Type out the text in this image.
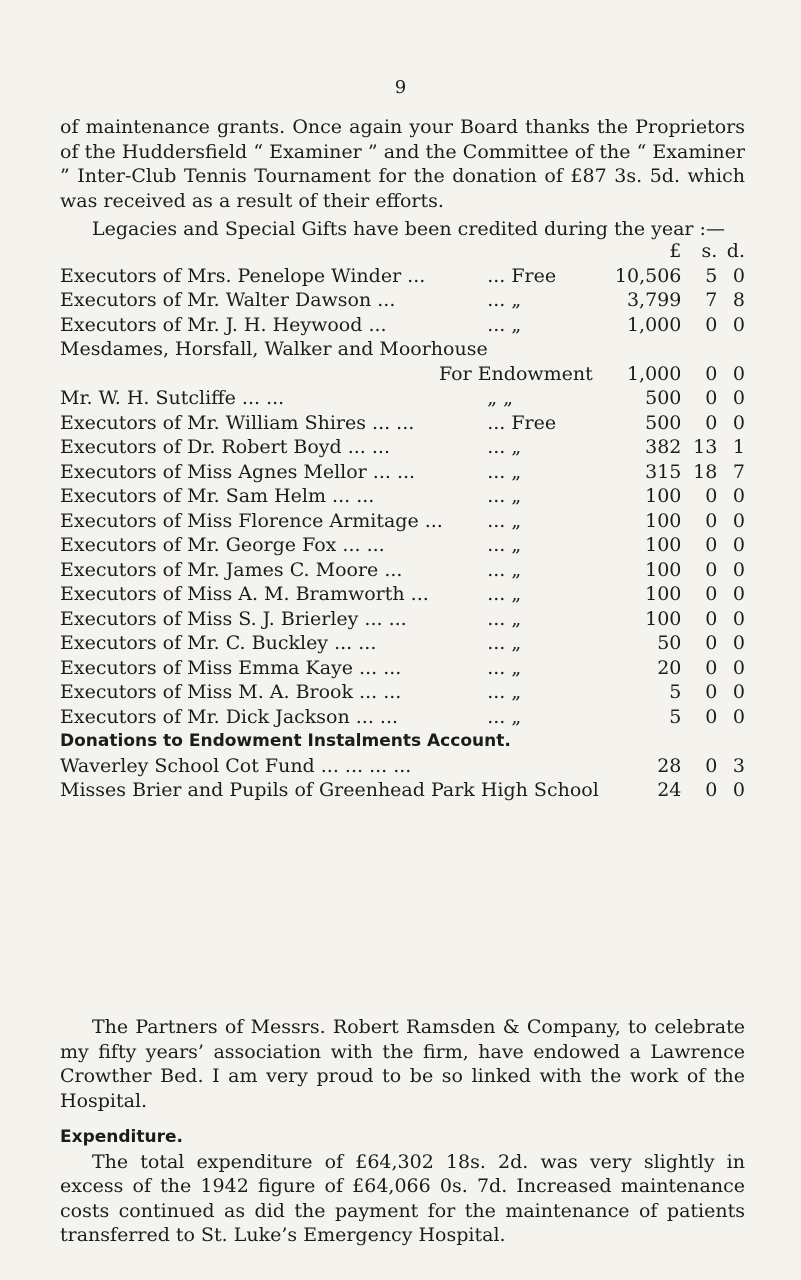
9

of maintenance grants. Once again your Board thanks the Proprietors of the Huddersfield “ Examiner ” and the Committee of the “ Examiner ” Inter-Club Tennis Tournament for the donation of £87 3s. 5d. which was received as a result of their efforts.

Legacies and Special Gifts have been credited during the year :—

		£	s.	d.
Executors of Mrs. Penelope Winder ...	... Free	10,506	5	0
Executors of Mr. Walter Dawson ...	... „	3,799	7	8
Executors of Mr. J. H. Heywood ...	... „	1,000	0	0
Mesdames, Horsfall, Walker and Moorhouse				
For Endowment		1,000	0	0
Mr. W. H. Sutcliffe ... ...	„ „	500	0	0
Executors of Mr. William Shires ... ...	... Free	500	0	0
Executors of Dr. Robert Boyd ... ...	... „	382	13	1
Executors of Miss Agnes Mellor ... ...	... „	315	18	7
Executors of Mr. Sam Helm ... ...	... „	100	0	0
Executors of Miss Florence Armitage ...	... „	100	0	0
Executors of Mr. George Fox ... ...	... „	100	0	0
Executors of Mr. James C. Moore ...	... „	100	0	0
Executors of Miss A. M. Bramworth ...	... „	100	0	0
Executors of Miss S. J. Brierley ... ...	... „	100	0	0
Executors of Mr. C. Buckley ... ...	... „	50	0	0
Executors of Miss Emma Kaye ... ...	... „	20	0	0
Executors of Miss M. A. Brook ... ...	... „	5	0	0
Executors of Mr. Dick Jackson ... ...	... „	5	0	0
Donations to Endowment Instalments Account.				
Waverley School Cot Fund ... ... ... ...		28	0	3
Misses Brier and Pupils of Greenhead Park High School		24	0	0

The Partners of Messrs. Robert Ramsden & Company, to celebrate my fifty years’ association with the firm, have endowed a Lawrence Crowther Bed. I am very proud to be so linked with the work of the Hospital.

Expenditure.

The total expenditure of £64,302 18s. 2d. was very slightly in excess of the 1942 figure of £64,066 0s. 7d. Increased maintenance costs continued as did the payment for the maintenance of patients transferred to St. Luke’s Emergency Hospital.
